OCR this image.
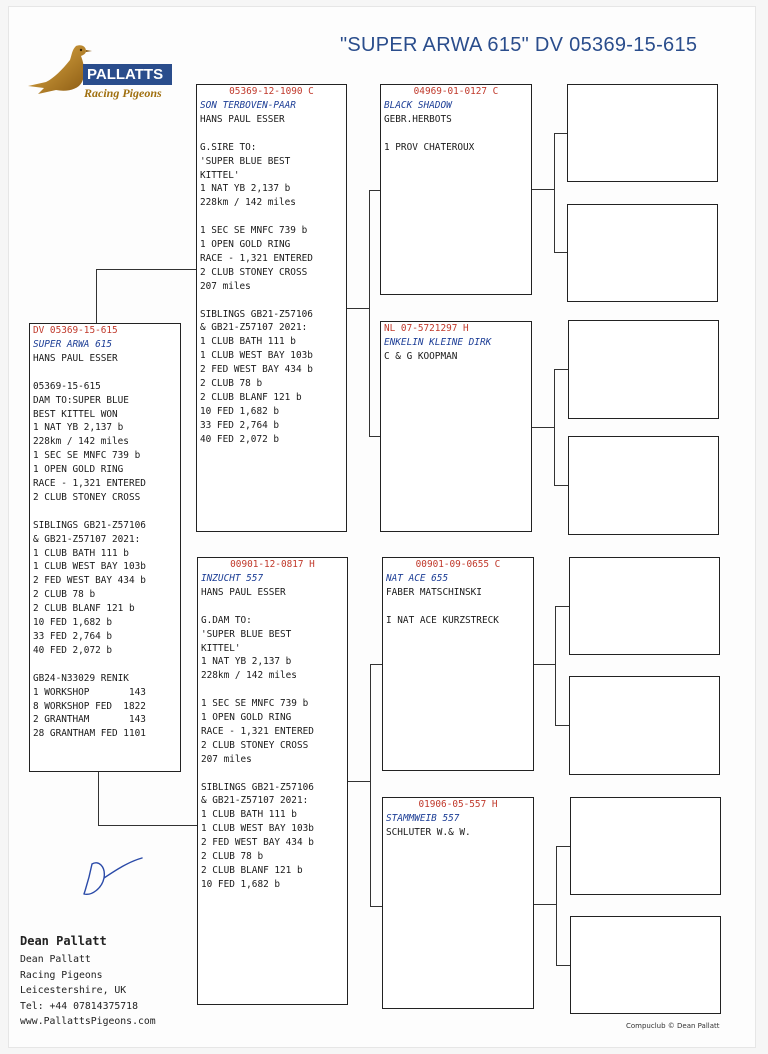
"SUPER ARWA 615" DV 05369-15-615
PALLATTS
Racing Pigeons
DV 05369-15-615
SUPER ARWA 615
HANS PAUL ESSER
05369-15-615
DAM TO:SUPER BLUE
BEST KITTEL WON
1 NAT YB 2,137 b
228km / 142 miles
1 SEC SE MNFC 739 b
1 OPEN GOLD RING
RACE - 1,321 ENTERED
2 CLUB STONEY CROSS
SIBLINGS GB21-Z57106
& GB21-Z57107 2021:
1 CLUB BATH 111 b
1 CLUB WEST BAY 103b
2 FED WEST BAY 434 b
2 CLUB 78 b
2 CLUB BLANF 121 b
10 FED 1,682 b
33 FED 2,764 b
40 FED 2,072 b
GB24-N33029 RENIK
1 WORKSHOP       143
8 WORKSHOP FED  1822
2 GRANTHAM       143
28 GRANTHAM FED 1101
05369-12-1090 C
SON TERBOVEN-PAAR
HANS PAUL ESSER
G.SIRE TO:
'SUPER BLUE BEST
KITTEL'
1 NAT YB 2,137 b
228km / 142 miles
1 SEC SE MNFC 739 b
1 OPEN GOLD RING
RACE - 1,321 ENTERED
2 CLUB STONEY CROSS
207 miles
SIBLINGS GB21-Z57106
& GB21-Z57107 2021:
1 CLUB BATH 111 b
1 CLUB WEST BAY 103b
2 FED WEST BAY 434 b
2 CLUB 78 b
2 CLUB BLANF 121 b
10 FED 1,682 b
33 FED 2,764 b
40 FED 2,072 b
00901-12-0817 H
INZUCHT 557
HANS PAUL ESSER
G.DAM TO:
'SUPER BLUE BEST
KITTEL'
1 NAT YB 2,137 b
228km / 142 miles
1 SEC SE MNFC 739 b
1 OPEN GOLD RING
RACE - 1,321 ENTERED
2 CLUB STONEY CROSS
207 miles
SIBLINGS GB21-Z57106
& GB21-Z57107 2021:
1 CLUB BATH 111 b
1 CLUB WEST BAY 103b
2 FED WEST BAY 434 b
2 CLUB 78 b
2 CLUB BLANF 121 b
10 FED 1,682 b
04969-01-0127 C
BLACK SHADOW
GEBR.HERBOTS
1 PROV CHATEROUX
NL 07-5721297 H
ENKELIN KLEINE DIRK
C & G KOOPMAN
00901-09-0655 C
NAT ACE 655
FABER MATSCHINSKI
I NAT ACE KURZSTRECK
01906-05-557 H
STAMMWEIB 557
SCHLUTER W.& W.
Dean Pallatt
Dean Pallatt
Racing Pigeons
Leicestershire, UK
Tel: +44 07814375718
www.PallattsPigeons.com	Compuclub © Dean Pallatt
